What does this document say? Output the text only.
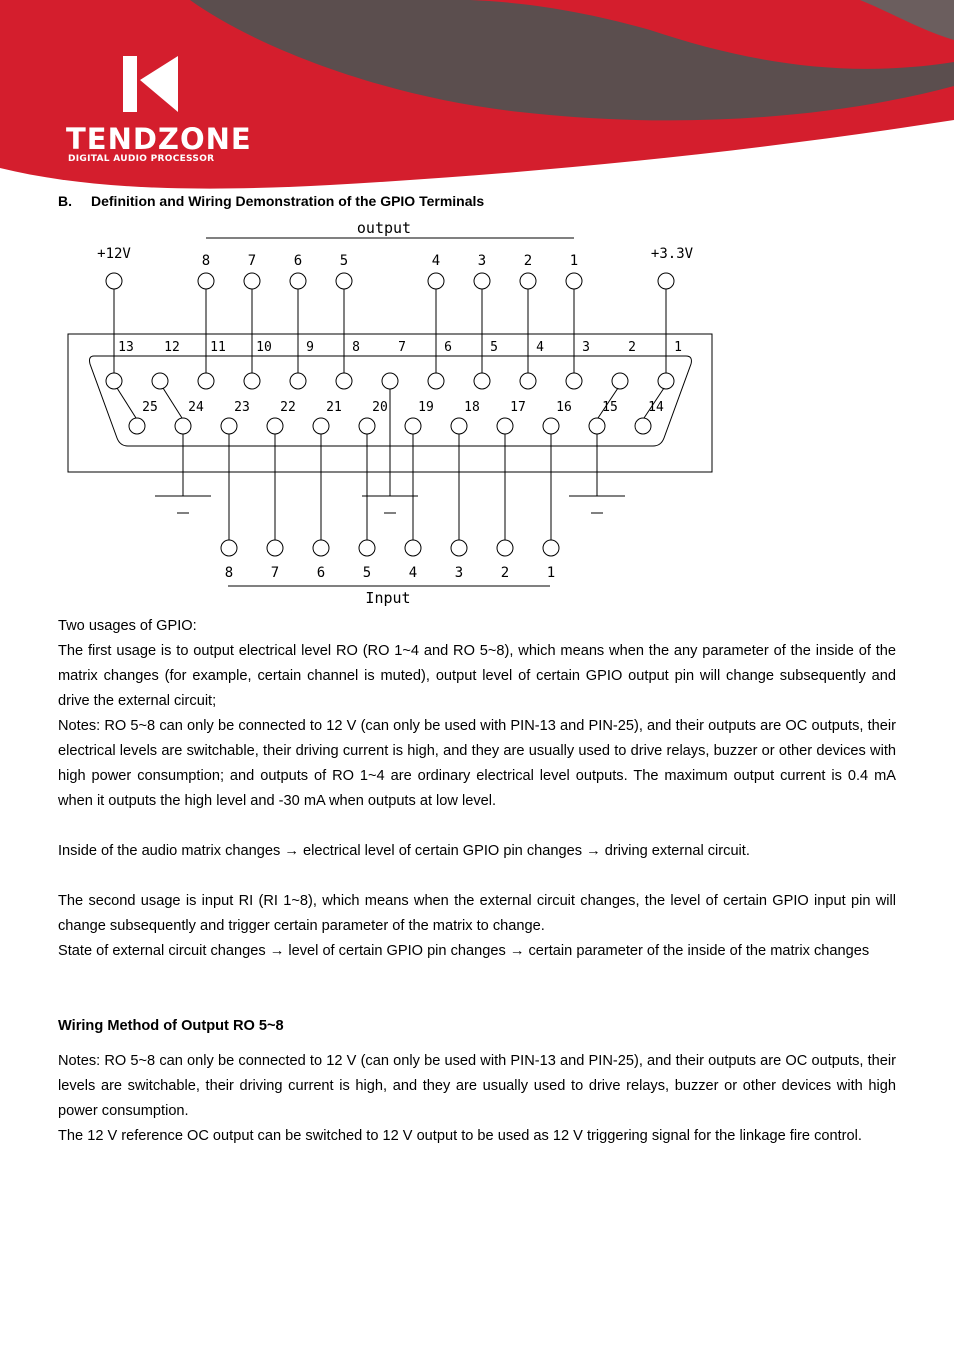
TENDZONE
DIGITAL AUDIO PROCESSOR
B. Definition and Wiring Demonstration of the GPIO Terminals
13 12 11 10	9	8	7	6	5	4	3	2	1
25 24 23 22 21 20 19 18 17 16 15 14
8	7	6	5	4	3	2	1
8	7	6	5	4	3	2	1
output
Input
+12V	+3.3V
Two usages of GPIO:
The first usage is to output electrical level RO (RO 1~4 and RO 5~8), which means when the any parameter of the inside of the matrix changes (for example, certain channel is muted), output level of certain GPIO output pin will change subsequently and drive the external circuit;
Notes: RO 5~8 can only be connected to 12 V (can only be used with PIN-13 and PIN-25), and their outputs are OC outputs, their electrical levels are switchable, their driving current is high, and they are usually used to drive relays, buzzer or other devices with high power consumption; and outputs of RO 1~4 are ordinary electrical level outputs. The maximum output current is 0.4 mA when it outputs the high level and -30 mA when outputs at low level.
Inside of the audio matrix changes → electrical level of certain GPIO pin changes → driving external circuit.
The second usage is input RI (RI 1~8), which means when the external circuit changes, the level of certain GPIO input pin will change subsequently and trigger certain parameter of the matrix to change.
State of external circuit changes → level of certain GPIO pin changes → certain parameter of the inside of the matrix changes
Wiring Method of Output RO 5~8
Notes: RO 5~8 can only be connected to 12 V (can only be used with PIN-13 and PIN-25), and their outputs are OC outputs, their levels are switchable, their driving current is high, and they are usually used to drive relays, buzzer or other devices with high power consumption.
The 12 V reference OC output can be switched to 12 V output to be used as 12 V triggering signal for the linkage fire control.
